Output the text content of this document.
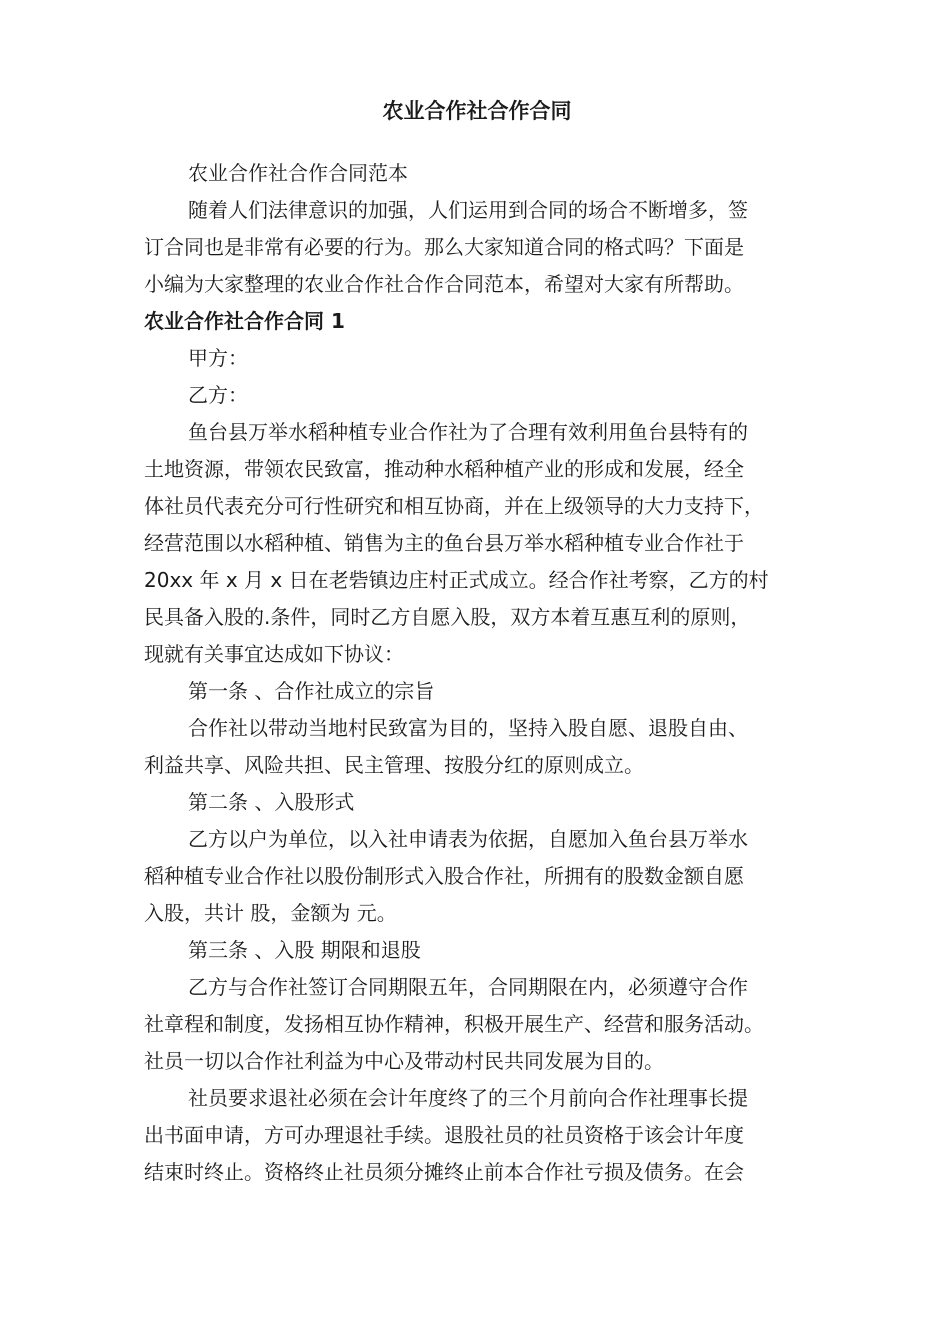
农业合作社合作合同

农业合作社合作合同范本

随着人们法律意识的加强，人们运用到合同的场合不断增多，签

订合同也是非常有必要的行为。那么大家知道合同的格式吗？下面是

小编为大家整理的农业合作社合作合同范本，希望对大家有所帮助。

农业合作社合作合同 1

甲方：

乙方：

鱼台县万举水稻种植专业合作社为了合理有效利用鱼台县特有的

土地资源，带领农民致富，推动种水稻种植产业的形成和发展，经全

体社员代表充分可行性研究和相互协商，并在上级领导的大力支持下，

经营范围以水稻种植、销售为主的鱼台县万举水稻种植专业合作社于

20xx 年 x 月 x 日在老砦镇边庄村正式成立。经合作社考察，乙方的村

民具备入股的.条件，同时乙方自愿入股，双方本着互惠互利的原则，

现就有关事宜达成如下协议：

第一条 、合作社成立的宗旨

合作社以带动当地村民致富为目的，坚持入股自愿、退股自由、

利益共享、风险共担、民主管理、按股分红的原则成立。

第二条 、入股形式

乙方以户为单位，以入社申请表为依据，自愿加入鱼台县万举水

稻种植专业合作社以股份制形式入股合作社，所拥有的股数金额自愿

入股，共计 股，金额为 元。

第三条 、入股 期限和退股

乙方与合作社签订合同期限五年，合同期限在内，必须遵守合作

社章程和制度，发扬相互协作精神，积极开展生产、经营和服务活动。

社员一切以合作社利益为中心及带动村民共同发展为目的。

社员要求退社必须在会计年度终了的三个月前向合作社理事长提

出书面申请，方可办理退社手续。退股社员的社员资格于该会计年度

结束时终止。资格终止社员须分摊终止前本合作社亏损及债务。在会
